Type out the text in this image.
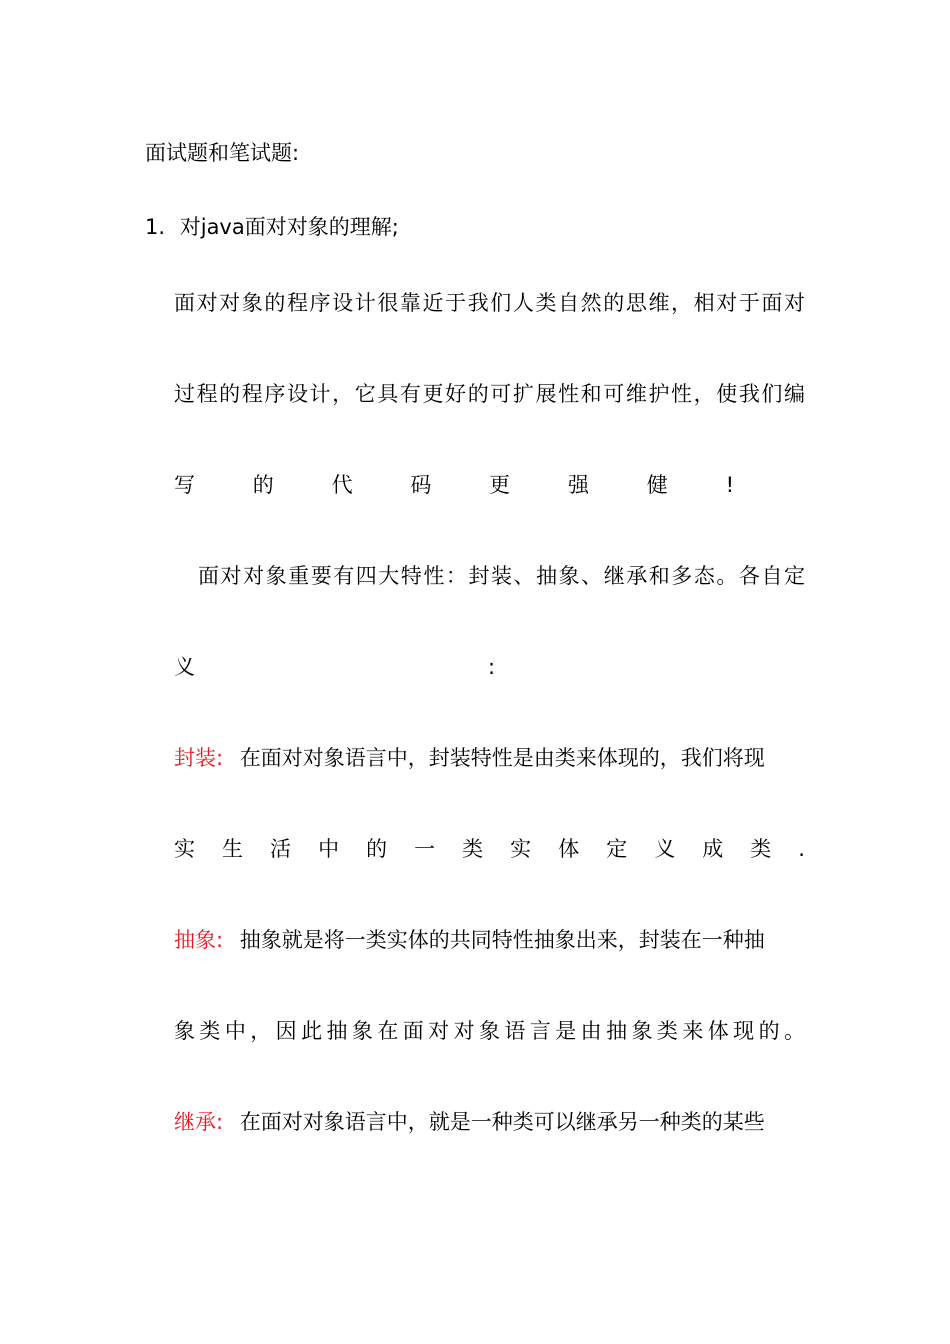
面试题和笔试题:

1. 对java面对对象的理解;

面对对象的程序设计很靠近于我们人类自然的思维，相对于面对

过程的程序设计，它具有更好的可扩展性和可维护性，使我们编

写的代码更强健!

面对对象重要有四大特性：封装、抽象、继承和多态。各自定

义	:

封装: 在面对对象语言中，封装特性是由类来体现的，我们将现

实生活中的一类实体定义成类.

抽象: 抽象就是将一类实体的共同特性抽象出来，封装在一种抽

象类中，因此抽象在面对对象语言是由抽象类来体现的。

继承: 在面对对象语言中，就是一种类可以继承另一种类的某些
